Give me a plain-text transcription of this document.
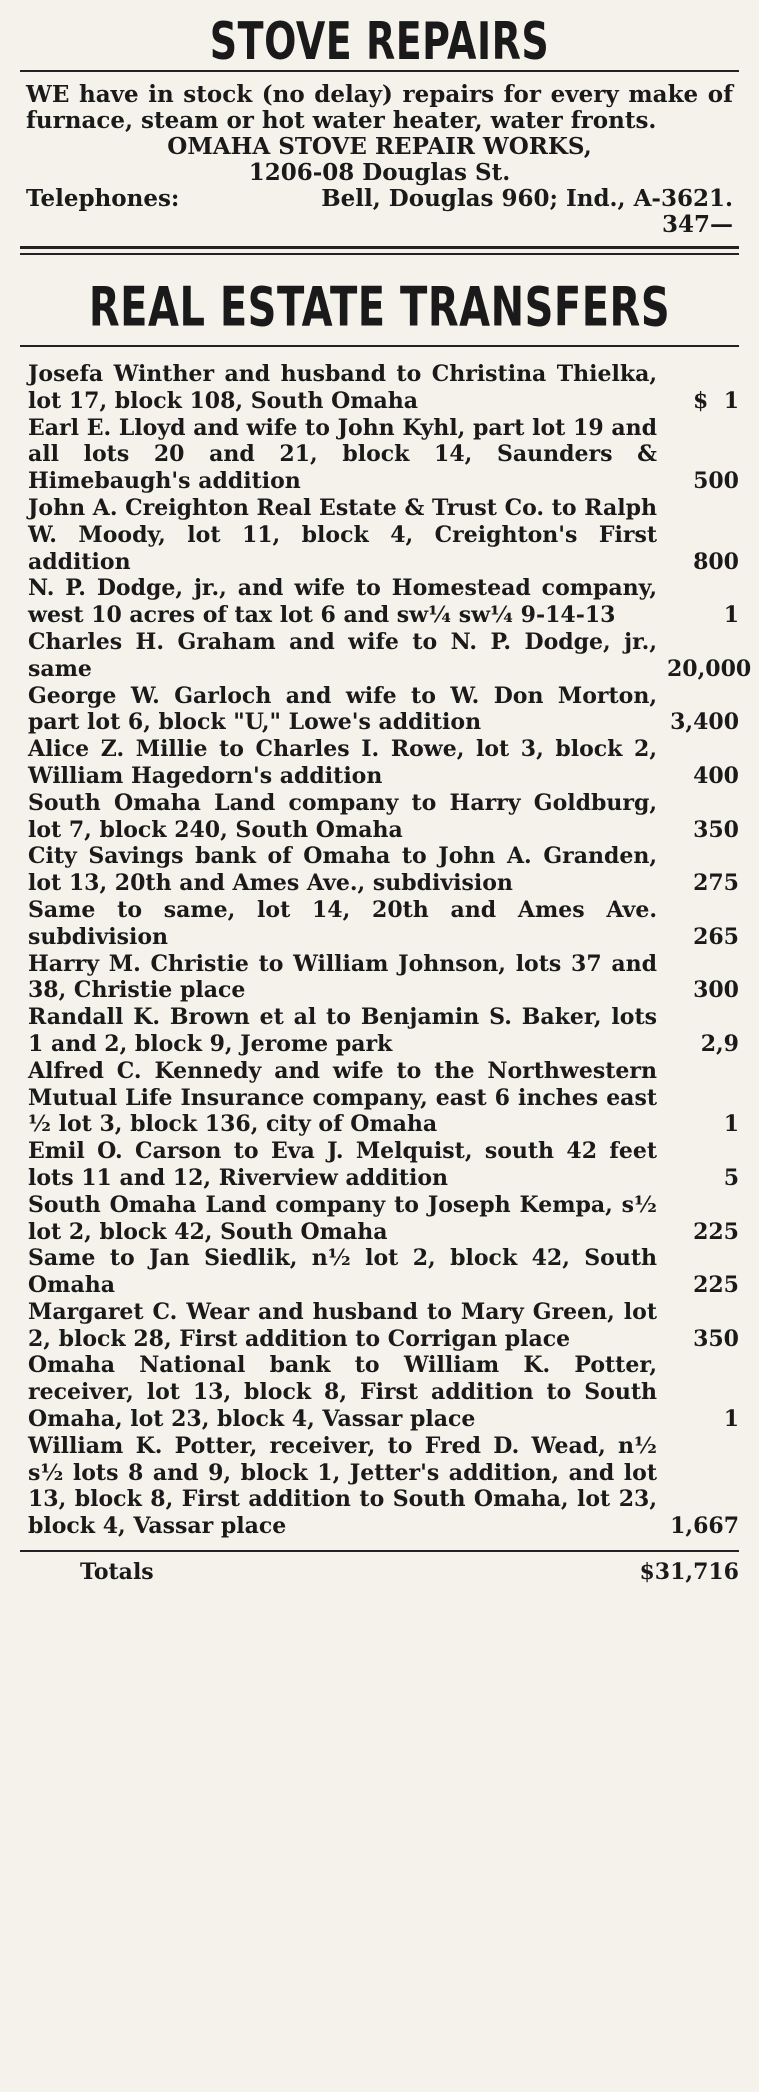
STOVE REPAIRS
WE have in stock (no delay) repairs for every make of furnace, steam or hot water heater, water fronts.
OMAHA STOVE REPAIR WORKS,
1206-08 Douglas St.
Telephones:	Bell, Douglas 960; Ind., A-3621.
347—
REAL ESTATE TRANSFERS
Josefa Winther and husband to Christina Thielka, lot 17, block 108, South Omaha	$ 1
Earl E. Lloyd and wife to John Kyhl, part lot 19 and all lots 20 and 21, block 14, Saunders & Himebaugh's addition	500
John A. Creighton Real Estate & Trust Co. to Ralph W. Moody, lot 11, block 4, Creighton's First addition	800
N. P. Dodge, jr., and wife to Homestead company, west 10 acres of tax lot 6 and sw¼ sw¼ 9-14-13	1
Charles H. Graham and wife to N. P. Dodge, jr., same	20,000
George W. Garloch and wife to W. Don Morton, part lot 6, block "U," Lowe's addition	3,400
Alice Z. Millie to Charles I. Rowe, lot 3, block 2, William Hagedorn's addition	400
South Omaha Land company to Harry Goldburg, lot 7, block 240, South Omaha	350
City Savings bank of Omaha to John A. Granden, lot 13, 20th and Ames Ave., subdivision	275
Same to same, lot 14, 20th and Ames Ave. subdivision	265
Harry M. Christie to William Johnson, lots 37 and 38, Christie place	300
Randall K. Brown et al to Benjamin S. Baker, lots 1 and 2, block 9, Jerome park	2,9
Alfred C. Kennedy and wife to the Northwestern Mutual Life Insurance company, east 6 inches east ½ lot 3, block 136, city of Omaha	1
Emil O. Carson to Eva J. Melquist, south 42 feet lots 11 and 12, Riverview addition	5
South Omaha Land company to Joseph Kempa, s½ lot 2, block 42, South Omaha	225
Same to Jan Siedlik, n½ lot 2, block 42, South Omaha	225
Margaret C. Wear and husband to Mary Green, lot 2, block 28, First addition to Corrigan place	350
Omaha National bank to William K. Potter, receiver, lot 13, block 8, First addition to South Omaha, lot 23, block 4, Vassar place	1
William K. Potter, receiver, to Fred D. Wead, n½ s½ lots 8 and 9, block 1, Jetter's addition, and lot 13, block 8, First addition to South Omaha, lot 23, block 4, Vassar place	1,667
Totals	$31,716
